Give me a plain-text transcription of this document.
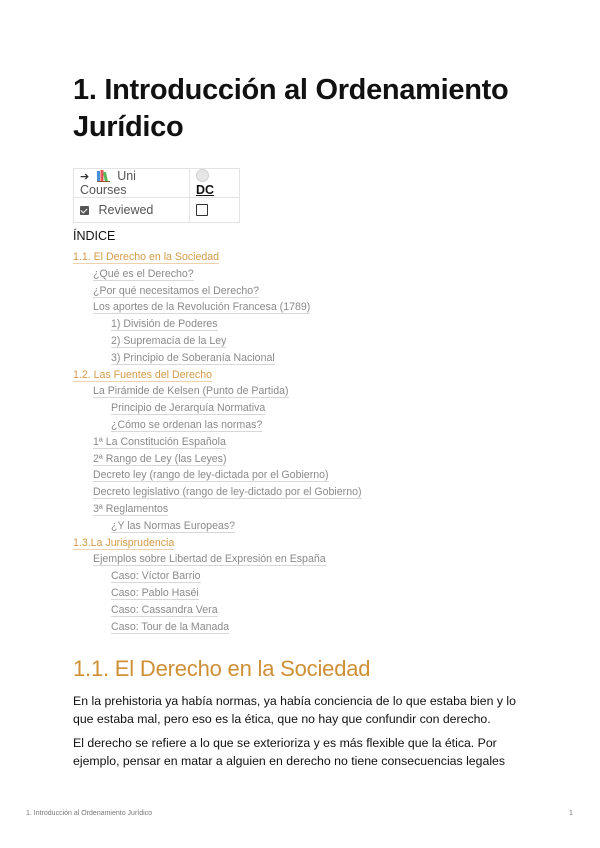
1. Introducción al Ordenamiento Jurídico
➔ Uni Courses	DC
Reviewed	
ÍNDICE
1.1. El Derecho en la Sociedad
¿Qué es el Derecho?
¿Por qué necesitamos el Derecho?
Los aportes de la Revolución Francesa (1789)
1) División de Poderes
2) Supremacía de la Ley
3) Principio de Soberanía Nacional
1.2. Las Fuentes del Derecho
La Pirámide de Kelsen (Punto de Partida)
Principio de Jerarquía Normativa
¿Cómo se ordenan las normas?
1ª La Constitución Española
2ª Rango de Ley (las Leyes)
Decreto ley (rango de ley-dictada por el Gobierno)
Decreto legislativo (rango de ley-dictado por el Gobierno)
3ª Reglamentos
¿Y las Normas Europeas?
1.3.La Jurisprudencia
Ejemplos sobre Libertad de Expresión en España
Caso: Víctor Barrio
Caso: Pablo Haséi
Caso: Cassandra Vera
Caso: Tour de la Manada
1.1. El Derecho en la Sociedad

En la prehistoria ya había normas, ya había conciencia de lo que estaba bien y lo que estaba mal, pero eso es la ética, que no hay que confundir con derecho.

El derecho se refiere a lo que se exterioriza y es más flexible que la ética. Por ejemplo, pensar en matar a alguien en derecho no tiene consecuencias legales

1. Introducción al Ordenamiento Jurídico	1
